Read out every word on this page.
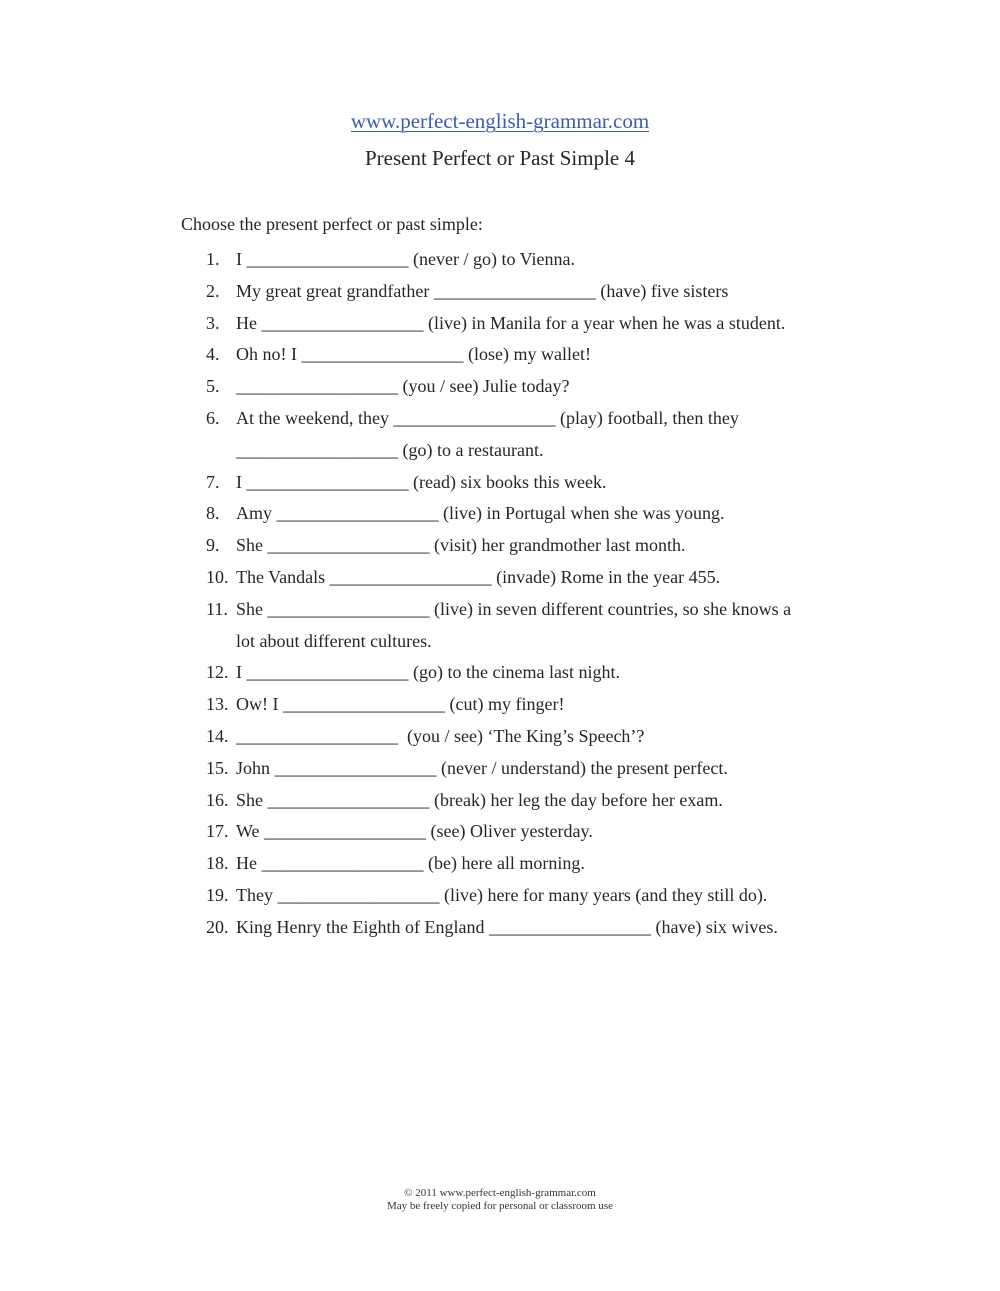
www.perfect-english-grammar.com
Present Perfect or Past Simple 4
Choose the present perfect or past simple:
1. I __________________ (never / go) to Vienna.
2. My great great grandfather __________________ (have) five sisters
3. He __________________ (live) in Manila for a year when he was a student.
4. Oh no! I __________________ (lose) my wallet!
5. __________________ (you / see) Julie today?
6. At the weekend, they __________________ (play) football, then they
__________________ (go) to a restaurant.
7. I __________________ (read) six books this week.
8. Amy __________________ (live) in Portugal when she was young.
9. She __________________ (visit) her grandmother last month.
10. The Vandals __________________ (invade) Rome in the year 455.
11. She __________________ (live) in seven different countries, so she knows a
lot about different cultures.
12. I __________________ (go) to the cinema last night.
13. Ow! I __________________ (cut) my finger!
14. __________________  (you / see) ‘The King’s Speech’?
15. John __________________ (never / understand) the present perfect.
16. She __________________ (break) her leg the day before her exam.
17. We __________________ (see) Oliver yesterday.
18. He __________________ (be) here all morning.
19. They __________________ (live) here for many years (and they still do).
20. King Henry the Eighth of England __________________ (have) six wives.
© 2011 www.perfect-english-grammar.com
May be freely copied for personal or classroom use
